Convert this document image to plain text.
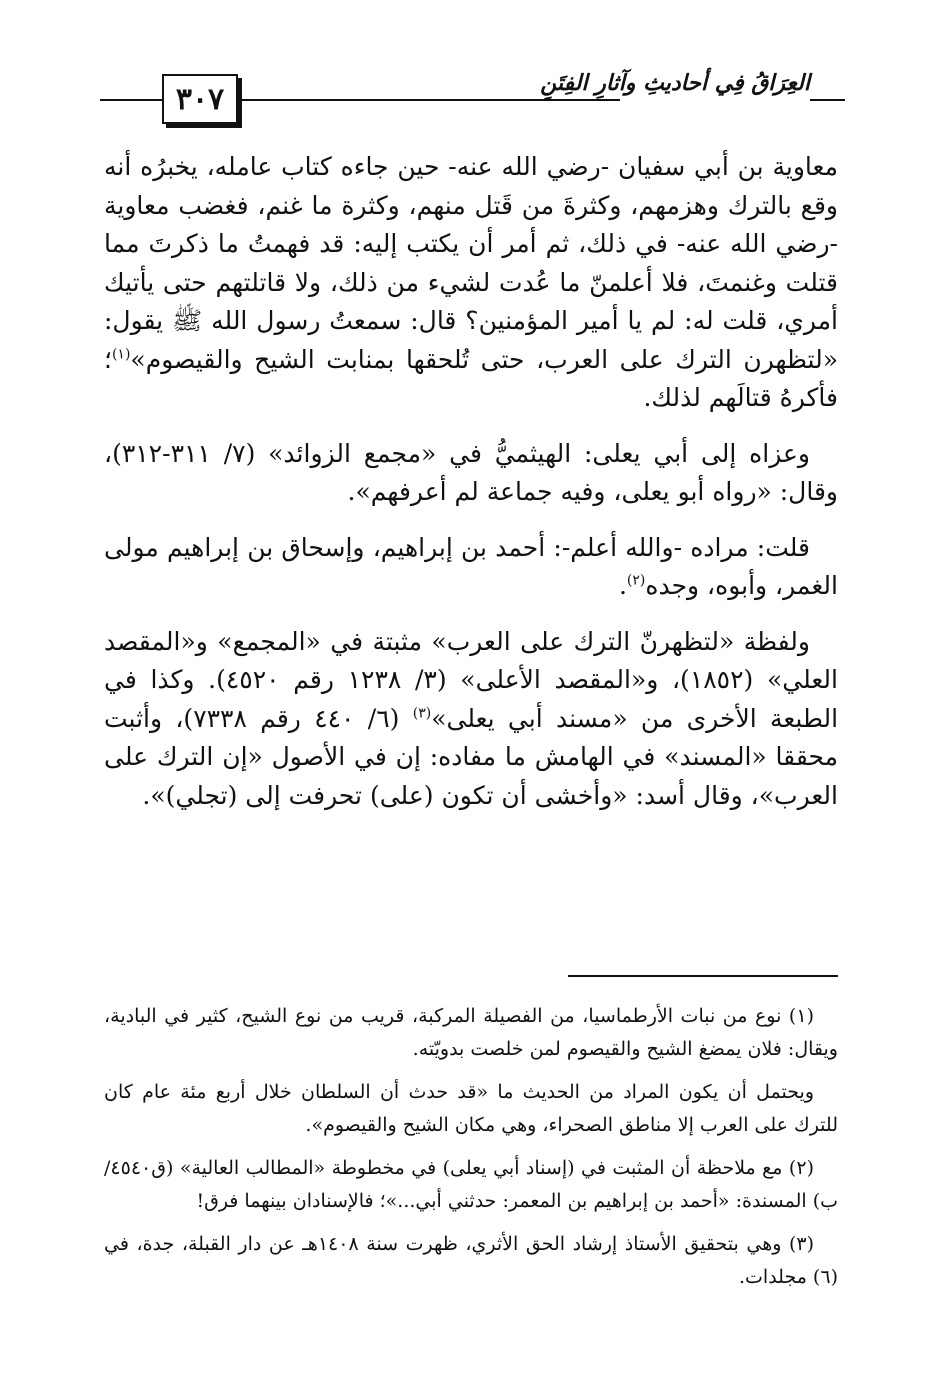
٣٠٧	العِرَاقُ فِي أحاديثِ وآثارِ الفِتَنِ

معاوية بن أبي سفيان -رضي الله عنه- حين جاءه كتاب عامله، يخبرُه أنه وقع بالترك وهزمهم، وكثرةَ من قَتل منهم، وكثرة ما غنم، فغضب معاوية -رضي الله عنه- في ذلك، ثم أمر أن يكتب إليه: قد فهمتُ ما ذكرتَ مما قتلت وغنمتَ، فلا أعلمنّ ما عُدت لشيء من ذلك، ولا قاتلتهم حتى يأتيك أمري، قلت له: لم يا أمير المؤمنين؟ قال: سمعتُ رسول الله ﷺ يقول: «لتظهرن الترك على العرب، حتى تُلحقها بمنابت الشيح والقيصوم»$^{(١)}$؛ فأكرهُ قتالَهم لذلك.

وعزاه إلى أبي يعلى: الهيثميُّ في «مجمع الزوائد» (٧/ ٣١١-٣١٢)، وقال: «رواه أبو يعلى، وفيه جماعة لم أعرفهم».

قلت: مراده -والله أعلم-: أحمد بن إبراهيم، وإسحاق بن إبراهيم مولى الغمر، وأبوه، وجده$^{(٢)}$.

ولفظة «لتظهرنّ الترك على العرب» مثبتة في «المجمع» و«المقصد العلي» (١٨٥٢)، و«المقصد الأعلى» (٣/ ١٢٣٨ رقم ٤٥٢٠). وكذا في الطبعة الأخرى من «مسند أبي يعلى»$^{(٣)}$ (٦/ ٤٤٠ رقم ٧٣٣٨)، وأثبت محققا «المسند» في الهامش ما مفاده: إن في الأصول «إن الترك على العرب»، وقال أسد: «وأخشى أن تكون (على) تحرفت إلى (تجلي)».

(١) نوع من نبات الأرطماسيا، من الفصيلة المركبة، قريب من نوع الشيح، كثير في البادية، ويقال: فلان يمضغ الشيح والقيصوم لمن خلصت بدويّته.

ويحتمل أن يكون المراد من الحديث ما «قد حدث أن السلطان خلال أربع مئة عام كان للترك على العرب إلا مناطق الصحراء، وهي مكان الشيح والقيصوم».

(٢) مع ملاحظة أن المثبت في (إسناد أبي يعلى) في مخطوطة «المطالب العالية» (ق٤٥٤٠/ب) المسندة: «أحمد بن إبراهيم بن المعمر: حدثني أبي...»؛ فالإسنادان بينهما فرق!

(٣) وهي بتحقيق الأستاذ إرشاد الحق الأثري، ظهرت سنة ١٤٠٨هـ عن دار القبلة، جدة، في (٦) مجلدات.
